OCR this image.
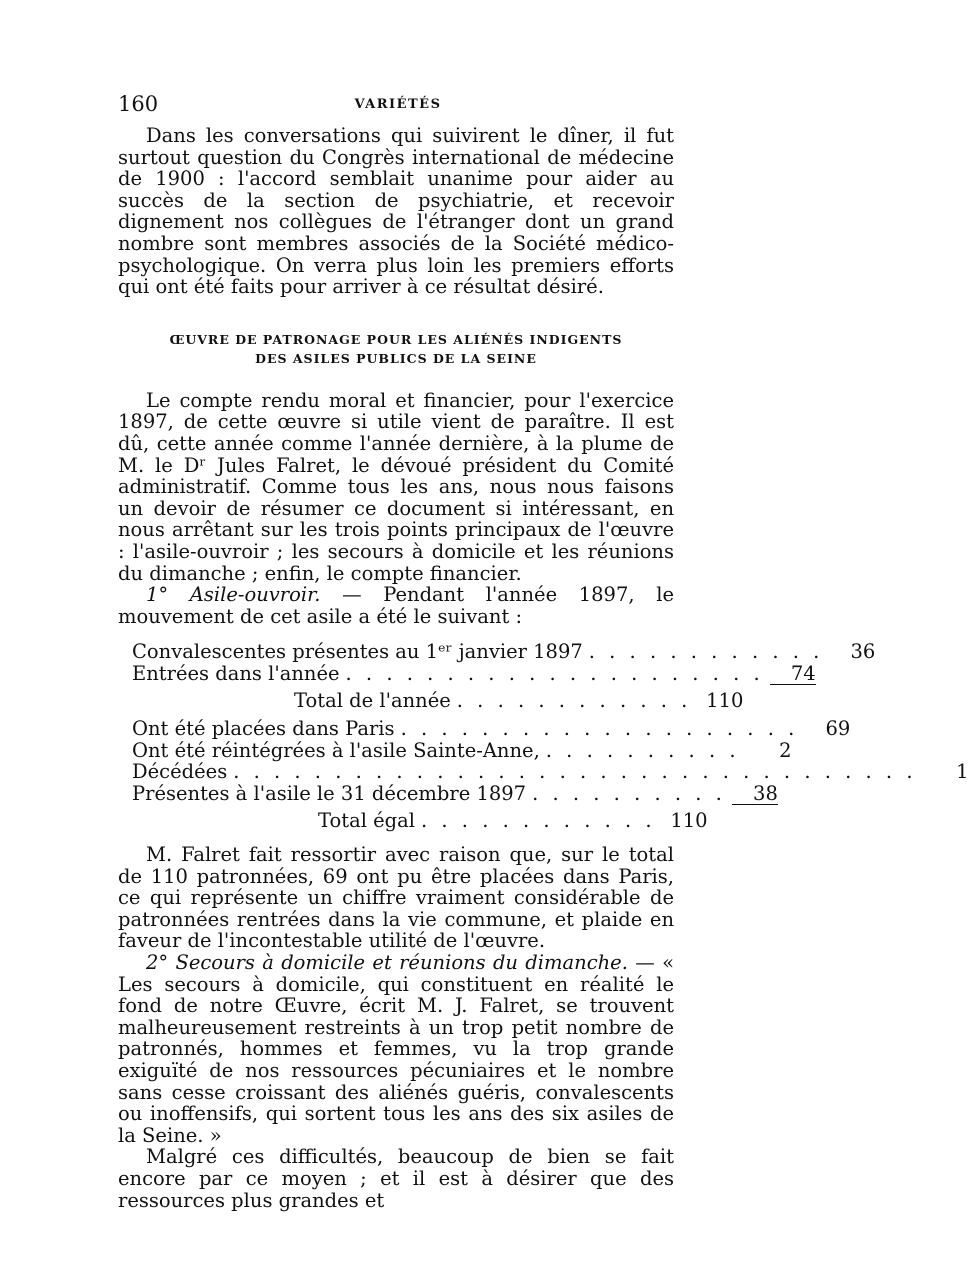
160	VARIÉTÉS

Dans les conversations qui suivirent le dîner, il fut surtout question du Congrès international de médecine de 1900 : l'accord semblait unanime pour aider au succès de la section de psychiatrie, et recevoir dignement nos collègues de l'étranger dont un grand nombre sont membres associés de la Société médico-psychologique. On verra plus loin les premiers efforts qui ont été faits pour arriver à ce résultat désiré.

ŒUVRE DE PATRONAGE POUR LES ALIÉNÉS INDIGENTS
DES ASILES PUBLICS DE LA SEINE

Le compte rendu moral et financier, pour l'exercice 1897, de cette œuvre si utile vient de paraître. Il est dû, cette année comme l'année dernière, à la plume de M. le Dʳ Jules Falret, le dévoué président du Comité administratif. Comme tous les ans, nous nous faisons un devoir de résumer ce document si intéressant, en nous arrêtant sur les trois points principaux de l'œuvre : l'asile-ouvroir ; les secours à domicile et les réunions du dimanche ; enfin, le compte financier.

1° Asile-ouvroir. — Pendant l'année 1897, le mouvement de cet asile a été le suivant :

Convalescentes présentes au 1ᵉʳ janvier 1897 . . . . . . . . . . . .	36
Entrées dans l'année . . . . . . . . . . . . . . . . . . . . .	74
Total de l'année . . . . . . . . . . . . 110
Ont été placées dans Paris . . . . . . . . . . . . . . . . . . . .	69
Ont été réintégrées à l'asile Sainte-Anne, . . . . . . . . . .	2
Décédées . . . . . . . . . . . . . . . . . . . . . . . . . . . . . . . . . .	1
Présentes à l'asile le 31 décembre 1897 . . . . . . . . . .	38
Total égal . . . . . . . . . . . . 110

M. Falret fait ressortir avec raison que, sur le total de 110 patronnées, 69 ont pu être placées dans Paris, ce qui représente un chiffre vraiment considérable de patronnées rentrées dans la vie commune, et plaide en faveur de l'incontestable utilité de l'œuvre.

2° Secours à domicile et réunions du dimanche. — « Les secours à domicile, qui constituent en réalité le fond de notre Œuvre, écrit M. J. Falret, se trouvent malheureusement restreints à un trop petit nombre de patronnés, hommes et femmes, vu la trop grande exiguïté de nos ressources pécuniaires et le nombre sans cesse croissant des aliénés guéris, convalescents ou inoffensifs, qui sortent tous les ans des six asiles de la Seine. »

Malgré ces difficultés, beaucoup de bien se fait encore par ce moyen ; et il est à désirer que des ressources plus grandes et
